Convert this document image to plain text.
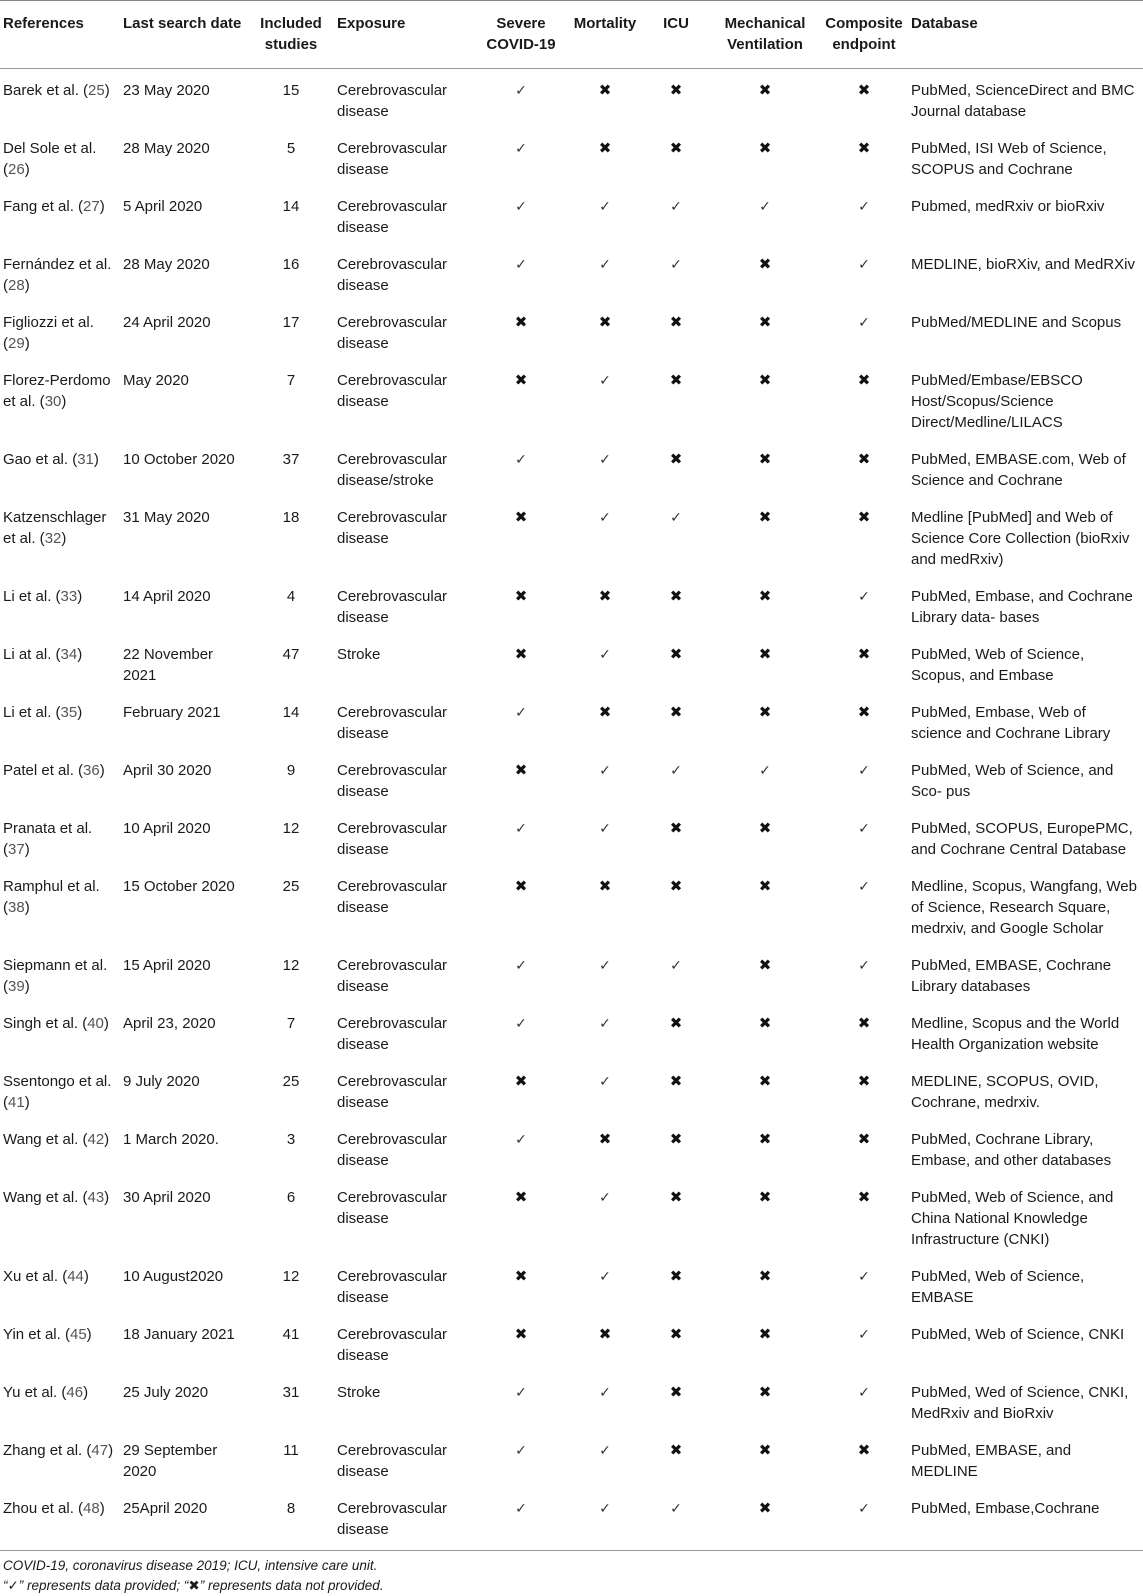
References	Last search date	Included studies	Exposure	Severe COVID-19	Mortality	ICU	Mechanical Ventilation	Composite endpoint	Database
Barek et al. (25)	23 May 2020	15	Cerebrovascular disease	✓	✖	✖	✖	✖	PubMed, ScienceDirect and BMC Journal database
Del Sole et al. (26)	28 May 2020	5	Cerebrovascular disease	✓	✖	✖	✖	✖	PubMed, ISI Web of Science, SCOPUS and Cochrane
Fang et al. (27)	5 April 2020	14	Cerebrovascular disease	✓	✓	✓	✓	✓	Pubmed, medRxiv or bioRxiv
Fernández et al. (28)	28 May 2020	16	Cerebrovascular disease	✓	✓	✓	✖	✓	MEDLINE, bioRXiv, and MedRXiv
Figliozzi et al. (29)	24 April 2020	17	Cerebrovascular disease	✖	✖	✖	✖	✓	PubMed/MEDLINE and Scopus
Florez-Perdomo et al. (30)	May 2020	7	Cerebrovascular disease	✖	✓	✖	✖	✖	PubMed/Embase/EBSCO Host/Scopus/Science Direct/Medline/LILACS
Gao et al. (31)	10 October 2020	37	Cerebrovascular disease/stroke	✓	✓	✖	✖	✖	PubMed, EMBASE.com, Web of Science and Cochrane
Katzenschlager et al. (32)	31 May 2020	18	Cerebrovascular disease	✖	✓	✓	✖	✖	Medline [PubMed] and Web of Science Core Collection (bioRxiv and medRxiv)
Li et al. (33)	14 April 2020	4	Cerebrovascular disease	✖	✖	✖	✖	✓	PubMed, Embase, and Cochrane Library data- bases
Li at al. (34)	22 November 2021	47	Stroke	✖	✓	✖	✖	✖	PubMed, Web of Science, Scopus, and Embase
Li et al. (35)	February 2021	14	Cerebrovascular disease	✓	✖	✖	✖	✖	PubMed, Embase, Web of science and Cochrane Library
Patel et al. (36)	April 30 2020	9	Cerebrovascular disease	✖	✓	✓	✓	✓	PubMed, Web of Science, and Sco- pus
Pranata et al. (37)	10 April 2020	12	Cerebrovascular disease	✓	✓	✖	✖	✓	PubMed, SCOPUS, EuropePMC, and Cochrane Central Database
Ramphul et al. (38)	15 October 2020	25	Cerebrovascular disease	✖	✖	✖	✖	✓	Medline, Scopus, Wangfang, Web of Science, Research Square, medrxiv, and Google Scholar
Siepmann et al. (39)	15 April 2020	12	Cerebrovascular disease	✓	✓	✓	✖	✓	PubMed, EMBASE, Cochrane Library databases
Singh et al. (40)	April 23, 2020	7	Cerebrovascular disease	✓	✓	✖	✖	✖	Medline, Scopus and the World Health Organization website
Ssentongo et al. (41)	9 July 2020	25	Cerebrovascular disease	✖	✓	✖	✖	✖	MEDLINE, SCOPUS, OVID, Cochrane, medrxiv.
Wang et al. (42)	1 March 2020.	3	Cerebrovascular disease	✓	✖	✖	✖	✖	PubMed, Cochrane Library, Embase, and other databases
Wang et al. (43)	30 April 2020	6	Cerebrovascular disease	✖	✓	✖	✖	✖	PubMed, Web of Science, and China National Knowledge Infrastructure (CNKI)
Xu et al. (44)	10 August2020	12	Cerebrovascular disease	✖	✓	✖	✖	✓	PubMed, Web of Science, EMBASE
Yin et al. (45)	18 January 2021	41	Cerebrovascular disease	✖	✖	✖	✖	✓	PubMed, Web of Science, CNKI
Yu et al. (46)	25 July 2020	31	Stroke	✓	✓	✖	✖	✓	PubMed, Wed of Science, CNKI, MedRxiv and BioRxiv
Zhang et al. (47)	29 September 2020	11	Cerebrovascular disease	✓	✓	✖	✖	✖	PubMed, EMBASE, and MEDLINE
Zhou et al. (48)	25April 2020	8	Cerebrovascular disease	✓	✓	✓	✖	✓	PubMed, Embase,Cochrane
COVID-19, coronavirus disease 2019; ICU, intensive care unit.
“✓” represents data provided; “✖” represents data not provided.
